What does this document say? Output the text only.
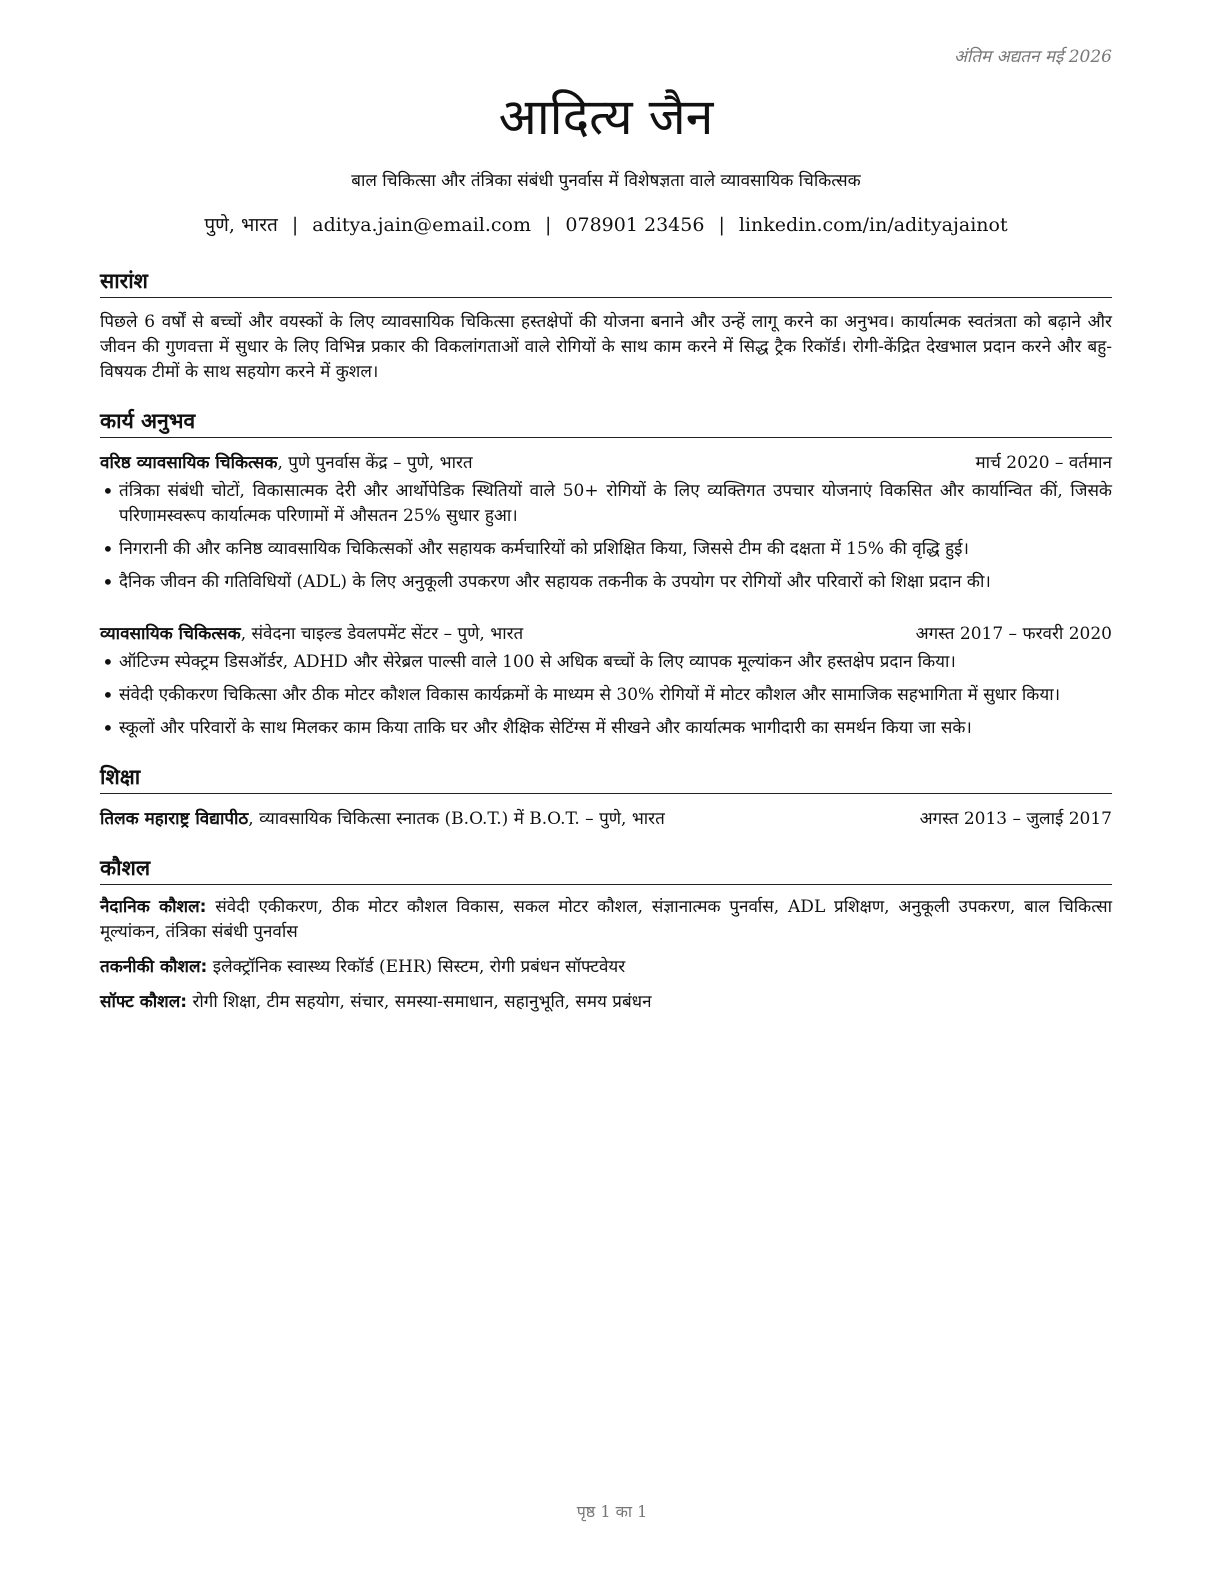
अंतिम अद्यतन मई 2026
आदित्य जैन
बाल चिकित्सा और तंत्रिका संबंधी पुनर्वास में विशेषज्ञता वाले व्यावसायिक चिकित्सक
पुणे, भारत | aditya.jain@email.com | 078901 23456 | linkedin.com/in/adityajainot
सारांश
पिछले 6 वर्षों से बच्चों और वयस्कों के लिए व्यावसायिक चिकित्सा हस्तक्षेपों की योजना बनाने और उन्हें लागू करने का अनुभव। कार्यात्मक स्वतंत्रता को बढ़ाने और जीवन की गुणवत्ता में सुधार के लिए विभिन्न प्रकार की विकलांगताओं वाले रोगियों के साथ काम करने में सिद्ध ट्रैक रिकॉर्ड। रोगी-केंद्रित देखभाल प्रदान करने और बहु-विषयक टीमों के साथ सहयोग करने में कुशल।
कार्य अनुभव
वरिष्ठ व्यावसायिक चिकित्सक, पुणे पुनर्वास केंद्र – पुणे, भारत	मार्च 2020 – वर्तमान
• तंत्रिका संबंधी चोटों, विकासात्मक देरी और आर्थोपेडिक स्थितियों वाले 50+ रोगियों के लिए व्यक्तिगत उपचार योजनाएं विकसित और कार्यान्वित कीं, जिसके परिणामस्वरूप कार्यात्मक परिणामों में औसतन 25% सुधार हुआ।
• निगरानी की और कनिष्ठ व्यावसायिक चिकित्सकों और सहायक कर्मचारियों को प्रशिक्षित किया, जिससे टीम की दक्षता में 15% की वृद्धि हुई।
• दैनिक जीवन की गतिविधियों (ADL) के लिए अनुकूली उपकरण और सहायक तकनीक के उपयोग पर रोगियों और परिवारों को शिक्षा प्रदान की।
व्यावसायिक चिकित्सक, संवेदना चाइल्ड डेवलपमेंट सेंटर – पुणे, भारत	अगस्त 2017 – फरवरी 2020
• ऑटिज्म स्पेक्ट्रम डिसऑर्डर, ADHD और सेरेब्रल पाल्सी वाले 100 से अधिक बच्चों के लिए व्यापक मूल्यांकन और हस्तक्षेप प्रदान किया।
• संवेदी एकीकरण चिकित्सा और ठीक मोटर कौशल विकास कार्यक्रमों के माध्यम से 30% रोगियों में मोटर कौशल और सामाजिक सहभागिता में सुधार किया।
• स्कूलों और परिवारों के साथ मिलकर काम किया ताकि घर और शैक्षिक सेटिंग्स में सीखने और कार्यात्मक भागीदारी का समर्थन किया जा सके।
शिक्षा
तिलक महाराष्ट्र विद्यापीठ, व्यावसायिक चिकित्सा स्नातक (B.O.T.) में B.O.T. – पुणे, भारत	अगस्त 2013 – जुलाई 2017
कौशल
नैदानिक कौशल: संवेदी एकीकरण, ठीक मोटर कौशल विकास, सकल मोटर कौशल, संज्ञानात्मक पुनर्वास, ADL प्रशिक्षण, अनुकूली उपकरण, बाल चिकित्सा मूल्यांकन, तंत्रिका संबंधी पुनर्वास
तकनीकी कौशल: इलेक्ट्रॉनिक स्वास्थ्य रिकॉर्ड (EHR) सिस्टम, रोगी प्रबंधन सॉफ्टवेयर
सॉफ्ट कौशल: रोगी शिक्षा, टीम सहयोग, संचार, समस्या-समाधान, सहानुभूति, समय प्रबंधन
पृष्ठ 1 का 1
